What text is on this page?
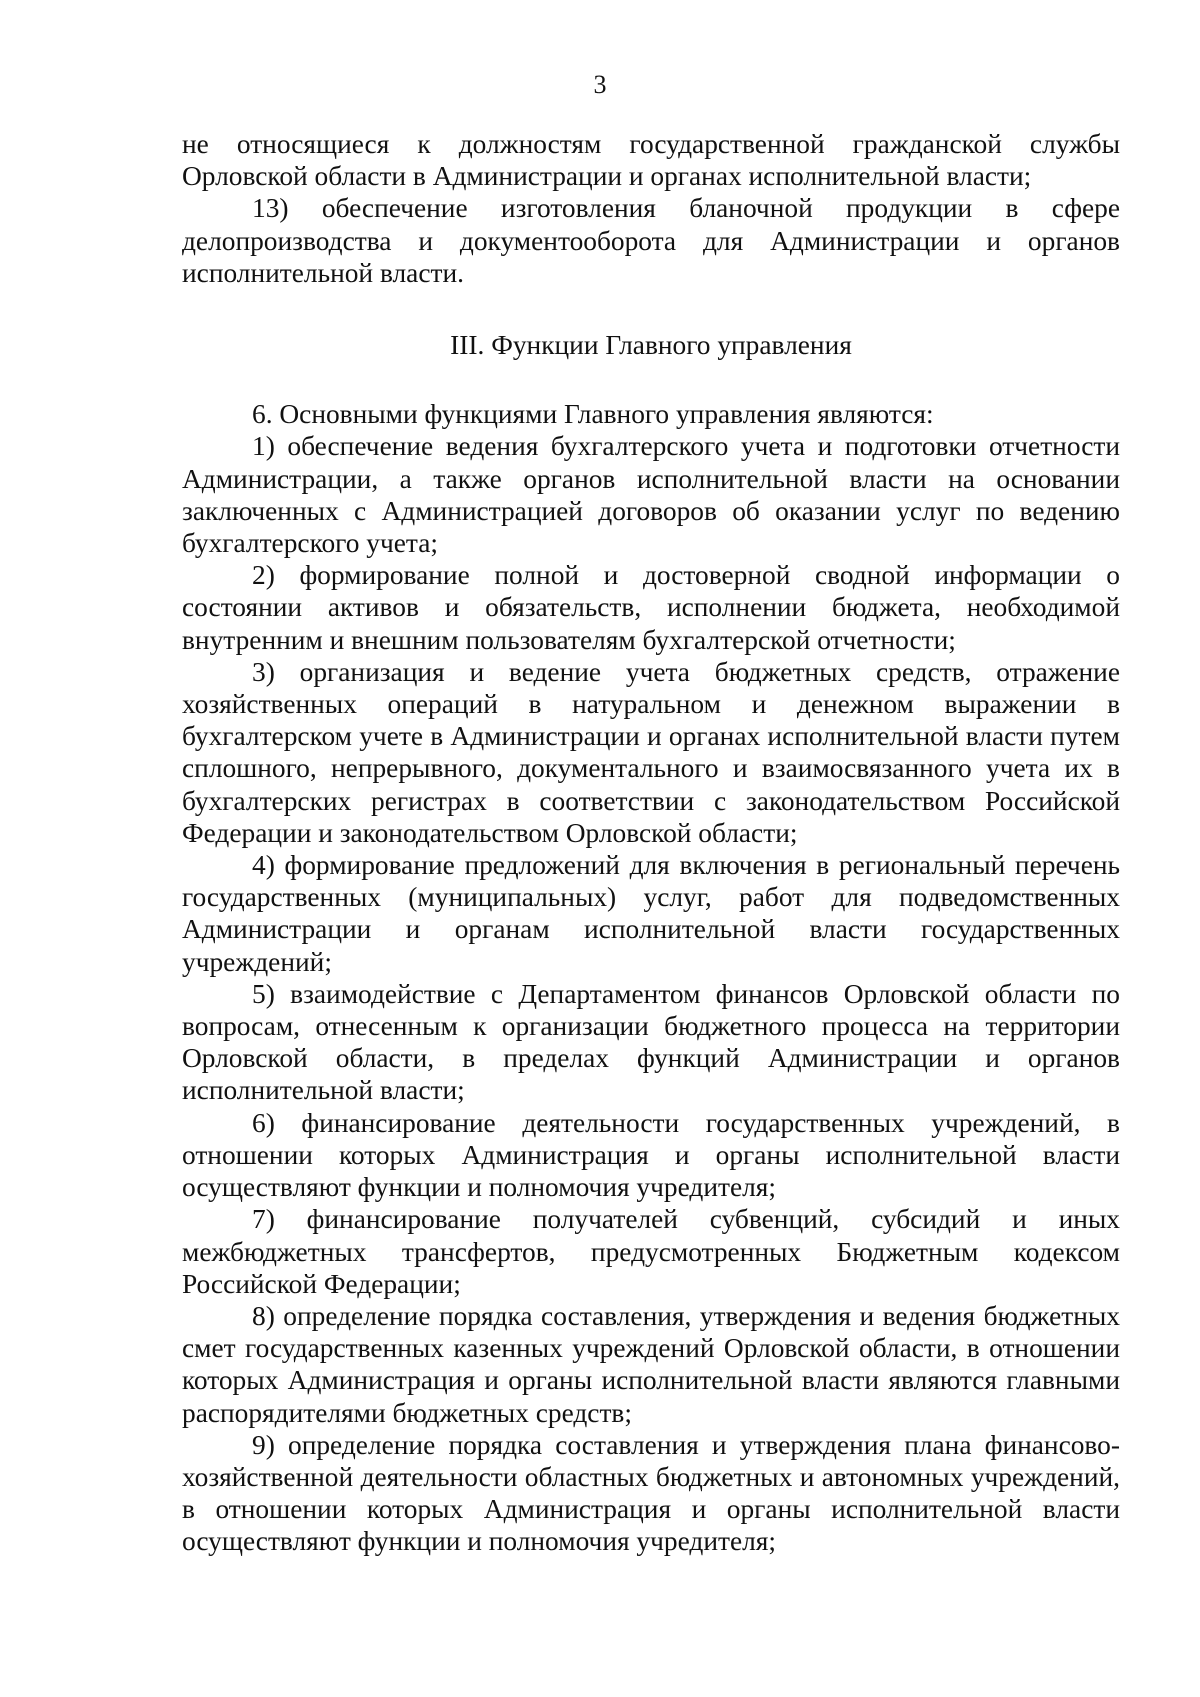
3

не относящиеся к должностям государственной гражданской службы Орловской области в Администрации и органах исполнительной власти;

13) обеспечение изготовления бланочной продукции в сфере делопроизводства и документооборота для Администрации и органов исполнительной власти.

III. Функции Главного управления

6. Основными функциями Главного управления являются:

1) обеспечение ведения бухгалтерского учета и подготовки отчетности Администрации, а также органов исполнительной власти на основании заключенных с Администрацией договоров об оказании услуг по ведению бухгалтерского учета;

2) формирование полной и достоверной сводной информации о состоянии активов и обязательств, исполнении бюджета, необходимой внутренним и внешним пользователям бухгалтерской отчетности;

3) организация и ведение учета бюджетных средств, отражение хозяйственных операций в натуральном и денежном выражении в бухгалтерском учете в Администрации и органах исполнительной власти путем сплошного, непрерывного, документального и взаимосвязанного учета их в бухгалтерских регистрах в соответствии с законодательством Российской Федерации и законодательством Орловской области;

4) формирование предложений для включения в региональный перечень государственных (муниципальных) услуг, работ для подведомственных Администрации и органам исполнительной власти государственных учреждений;

5) взаимодействие с Департаментом финансов Орловской области по вопросам, отнесенным к организации бюджетного процесса на территории Орловской области, в пределах функций Администрации и органов исполнительной власти;

6) финансирование деятельности государственных учреждений, в отношении которых Администрация и органы исполнительной власти осуществляют функции и полномочия учредителя;

7) финансирование получателей субвенций, субсидий и иных межбюджетных трансфертов, предусмотренных Бюджетным кодексом Российской Федерации;

8) определение порядка составления, утверждения и ведения бюджетных смет государственных казенных учреждений Орловской области, в отношении которых Администрация и органы исполнительной власти являются главными распорядителями бюджетных средств;

9) определение порядка составления и утверждения плана финансово-хозяйственной деятельности областных бюджетных и автономных учреждений, в отношении которых Администрация и органы исполнительной власти осуществляют функции и полномочия учредителя;
